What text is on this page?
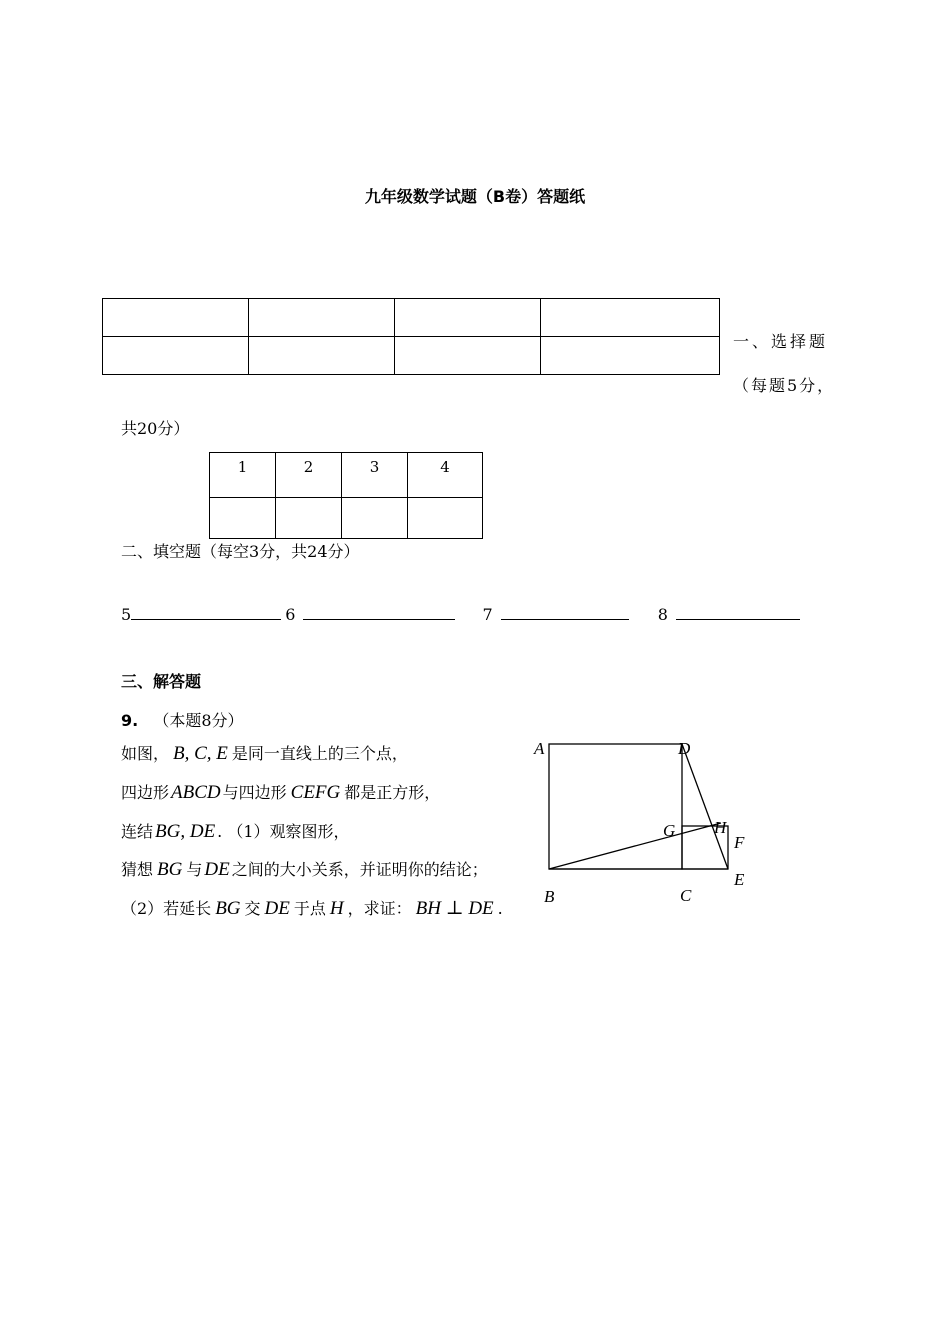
九年级数学试题（B卷）答题纸

一、选择题
（每题5分，
共20分）
1	2	3	4

二、填空题（每空3分，共24分）
5	6	7	8
三、解答题
9. （本题8分）
如图， B, C, E 是同一直线上的三个点，
四边形 ABCD 与四边形 CEFG 都是正方形，
连结 BG, DE . （1）观察图形，
猜想 BG 与 DE 之间的大小关系，并证明你的结论；
（2）若延长 BG 交 DE 于点 H ，求证： BH ⊥ DE .
A	D
G H
F
B	C
E
